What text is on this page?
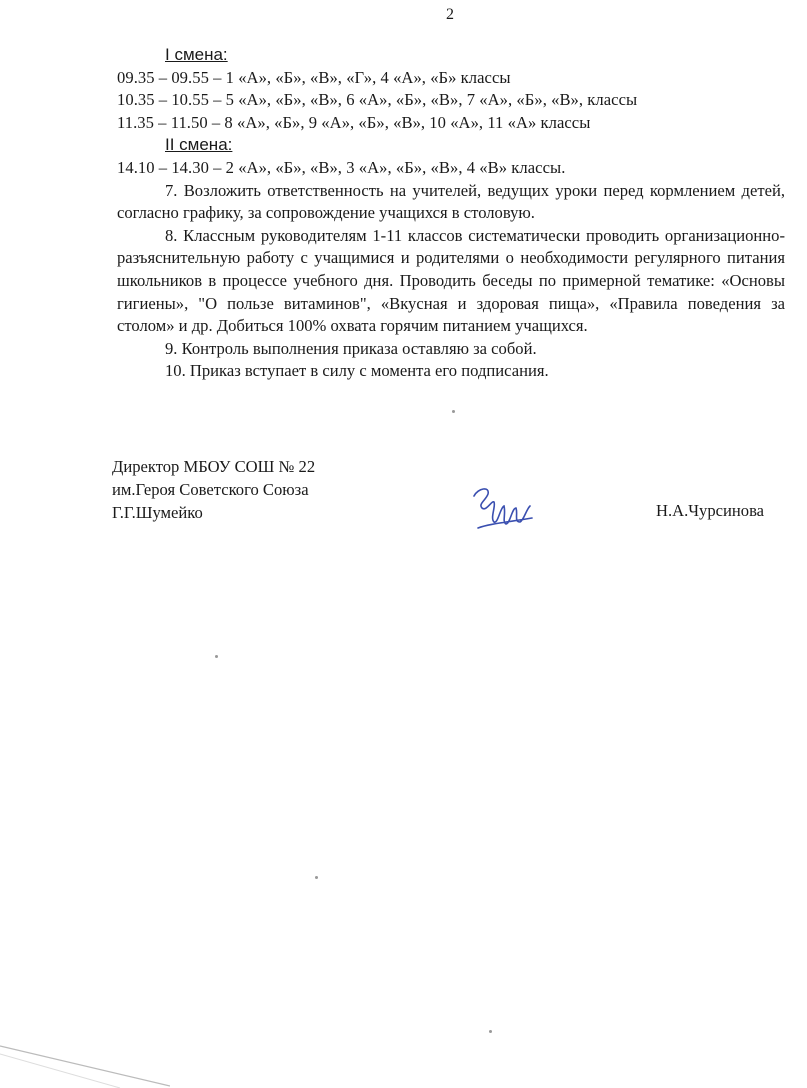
2
I смена:
09.35 – 09.55 – 1 «А», «Б», «В», «Г», 4 «А», «Б» классы
10.35 – 10.55 – 5 «А», «Б», «В», 6 «А», «Б», «В», 7 «А», «Б», «В», классы
11.35 – 11.50 – 8 «А», «Б», 9 «А», «Б», «В», 10 «А», 11 «А» классы
II смена:
14.10 – 14.30 – 2 «А», «Б», «В», 3 «А», «Б», «В», 4 «В» классы.

7. Возложить ответственность на учителей, ведущих уроки перед кормлением детей, согласно графику, за сопровождение учащихся в столовую.

8. Классным руководителям 1-11 классов систематически проводить организационно-разъяснительную работу с учащимися и родителями о необходимости регулярного питания школьников в процессе учебного дня. Проводить беседы по примерной тематике: «Основы гигиены», "О пользе витаминов", «Вкусная и здоровая пища», «Правила поведения за столом» и др. Добиться 100% охвата горячим питанием учащихся.

9. Контроль выполнения приказа оставляю за собой.

10. Приказ вступает в силу с момента его подписания.

Директор МБОУ СОШ № 22
им.Героя Советского Союза
Г.Г.Шумейко	Н.А.Чурсинова
